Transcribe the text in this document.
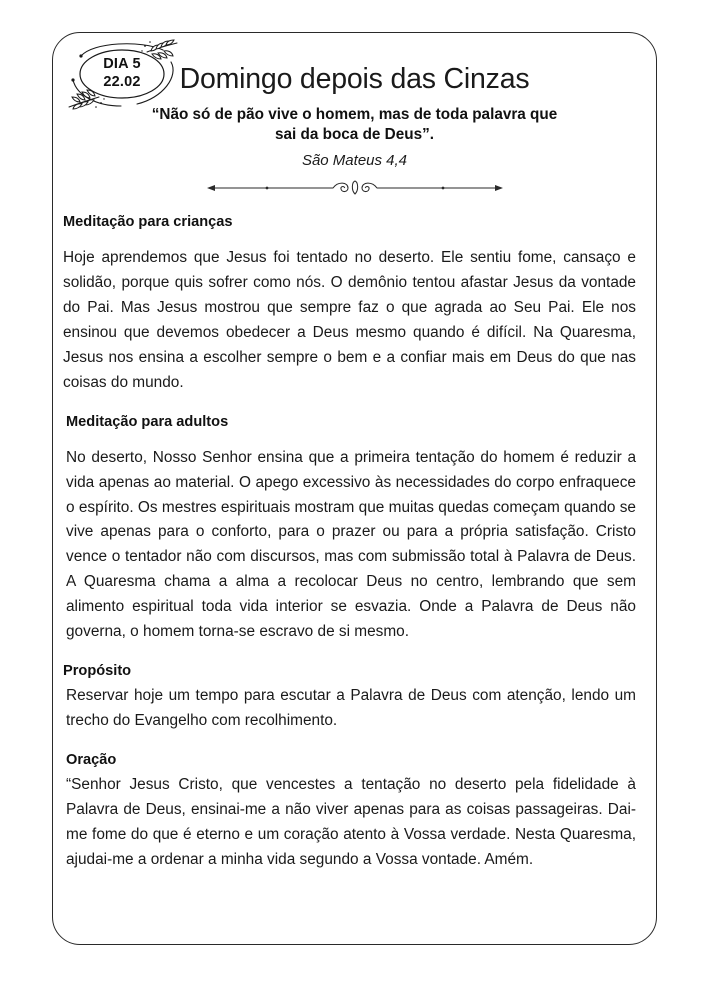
DIA 5
22.02	Domingo depois das Cinzas
“Não só de pão vive o homem, mas de toda palavra que sai da boca de Deus”.
São Mateus 4,4
Meditação para crianças
Hoje aprendemos que Jesus foi tentado no deserto. Ele sentiu fome, cansaço e solidão, porque quis sofrer como nós. O demônio tentou afastar Jesus da vontade do Pai. Mas Jesus mostrou que sempre faz o que agrada ao Seu Pai. Ele nos ensinou que devemos obedecer a Deus mesmo quando é difícil. Na Quaresma, Jesus nos ensina a escolher sempre o bem e a confiar mais em Deus do que nas coisas do mundo.
Meditação para adultos
No deserto, Nosso Senhor ensina que a primeira tentação do homem é reduzir a vida apenas ao material. O apego excessivo às necessidades do corpo enfraquece o espírito. Os mestres espirituais mostram que muitas quedas começam quando se vive apenas para o conforto, para o prazer ou para a própria satisfação. Cristo vence o tentador não com discursos, mas com submissão total à Palavra de Deus. A Quaresma chama a alma a recolocar Deus no centro, lembrando que sem alimento espiritual toda vida interior se esvazia. Onde a Palavra de Deus não governa, o homem torna-se escravo de si mesmo.
Propósito
Reservar hoje um tempo para escutar a Palavra de Deus com atenção, lendo um trecho do Evangelho com recolhimento.
Oração
“Senhor Jesus Cristo, que vencestes a tentação no deserto pela fidelidade à Palavra de Deus, ensinai-me a não viver apenas para as coisas passageiras. Dai-me fome do que é eterno e um coração atento à Vossa verdade. Nesta Quaresma, ajudai-me a ordenar a minha vida segundo a Vossa vontade. Amém.
